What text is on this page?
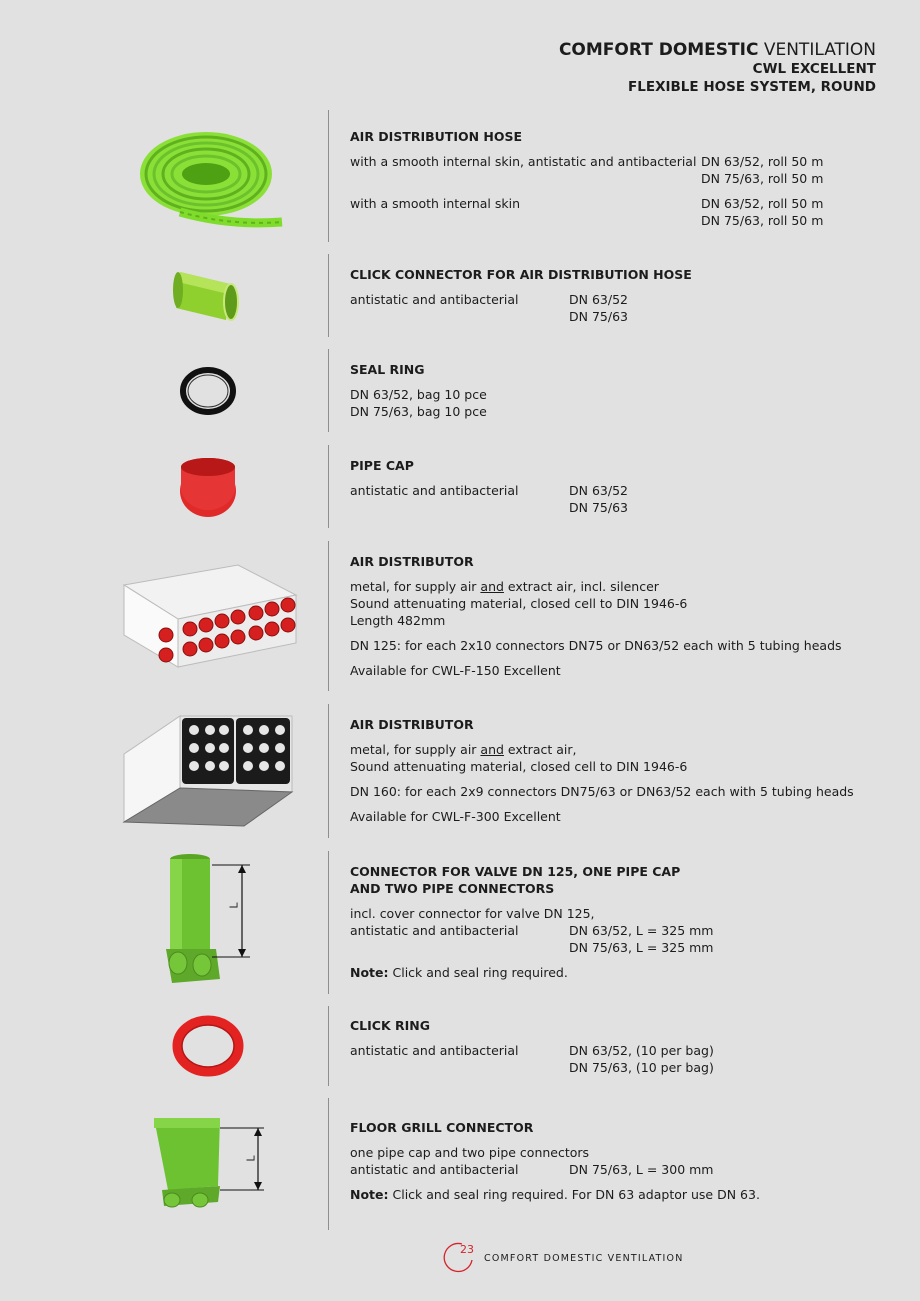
COMFORT DOMESTIC VENTILATION
CWL EXCELLENT
FLEXIBLE HOSE SYSTEM, ROUND
AIR DISTRIBUTION HOSE
with a smooth internal skin, antistatic and antibacterial DN 63/52, roll 50 m
DN 75/63, roll 50 m
with a smooth internal skin	DN 63/52, roll 50 m
DN 75/63, roll 50 m
CLICK CONNECTOR FOR AIR DISTRIBUTION HOSE
antistatic and antibacterial	DN 63/52
DN 75/63
SEAL RING
DN 63/52, bag 10 pce
DN 75/63, bag 10 pce
PIPE CAP
antistatic and antibacterial	DN 63/52
DN 75/63
AIR DISTRIBUTOR
metal, for supply air and extract air, incl. silencer
Sound attenuating material, closed cell to DIN 1946-6
Length 482mm
DN 125: for each 2x10 connectors DN75 or DN63/52 each with 5 tubing heads
Available for CWL-F-150 Excellent
AIR DISTRIBUTOR
metal, for supply air and extract air,
Sound attenuating material, closed cell to DIN 1946-6
DN 160: for each 2x9 connectors DN75/63 or DN63/52 each with 5 tubing heads
Available for CWL-F-300 Excellent
L
CONNECTOR FOR VALVE DN 125, ONE PIPE CAP
AND TWO PIPE CONNECTORS
incl. cover connector for valve DN 125,
antistatic and antibacterial	DN 63/52, L = 325 mm
DN 75/63, L = 325 mm
Note: Click and seal ring required.
CLICK RING
antistatic and antibacterial	DN 63/52, (10 per bag)
DN 75/63, (10 per bag)
L
FLOOR GRILL CONNECTOR
one pipe cap and two pipe connectors
antistatic and antibacterial	DN 75/63, L = 300 mm
Note: Click and seal ring required. For DN 63 adaptor use DN 63.
23
COMFORT DOMESTIC VENTILATION
